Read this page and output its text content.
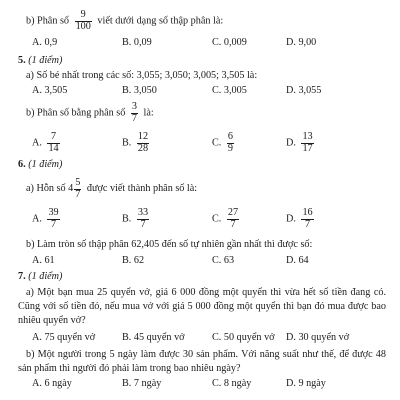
b) Phân số $\frac{9}{100}$ viết dưới dạng số thập phân là:
A. 0,9	B. 0,09	C. 0,009	D. 9,00
5. (1 điểm)
a) Số bé nhất trong các số: 3,055; 3,050; 3,005; 3,505 là:
A. 3,505	B. 3,050	C. 3,005	D. 3,055
b) Phân số bằng phân số $\frac{3}{7}$ là:
A. $\frac{7}{14}$	B. $\frac{12}{28}$	C. $\frac{6}{9}$	D. $\frac{13}{17}$
6. (1 điểm)
a) Hỗn số $4 \frac{5}{7}$ được viết thành phân số là:
A. $\frac{39}{7}$	B. $\frac{33}{7}$	C. $\frac{27}{7}$	D. $\frac{16}{7}$
b) Làm tròn số thập phân 62,405 đến số tự nhiên gần nhất thì được số:
A. 61	B. 62	C. 63	D. 64
7. (1 điểm)
a) Một bạn mua 25 quyển vở, giá 6 000 đồng một quyển thì vừa hết số tiền đang có. Cũng với số tiền đó, nếu mua vở với giá 5 000 đồng một quyển thì bạn đó mua được bao nhiêu quyển vở?
A. 75 quyển vở	B. 45 quyển vở	C. 50 quyển vở D. 30 quyển vở
b) Một người trong 5 ngày làm được 30 sản phẩm. Với năng suất như thế, để được 48 sản phẩm thì người đó phải làm trong bao nhiêu ngày?
A. 6 ngày	B. 7 ngày	C. 8 ngày	D. 9 ngày
